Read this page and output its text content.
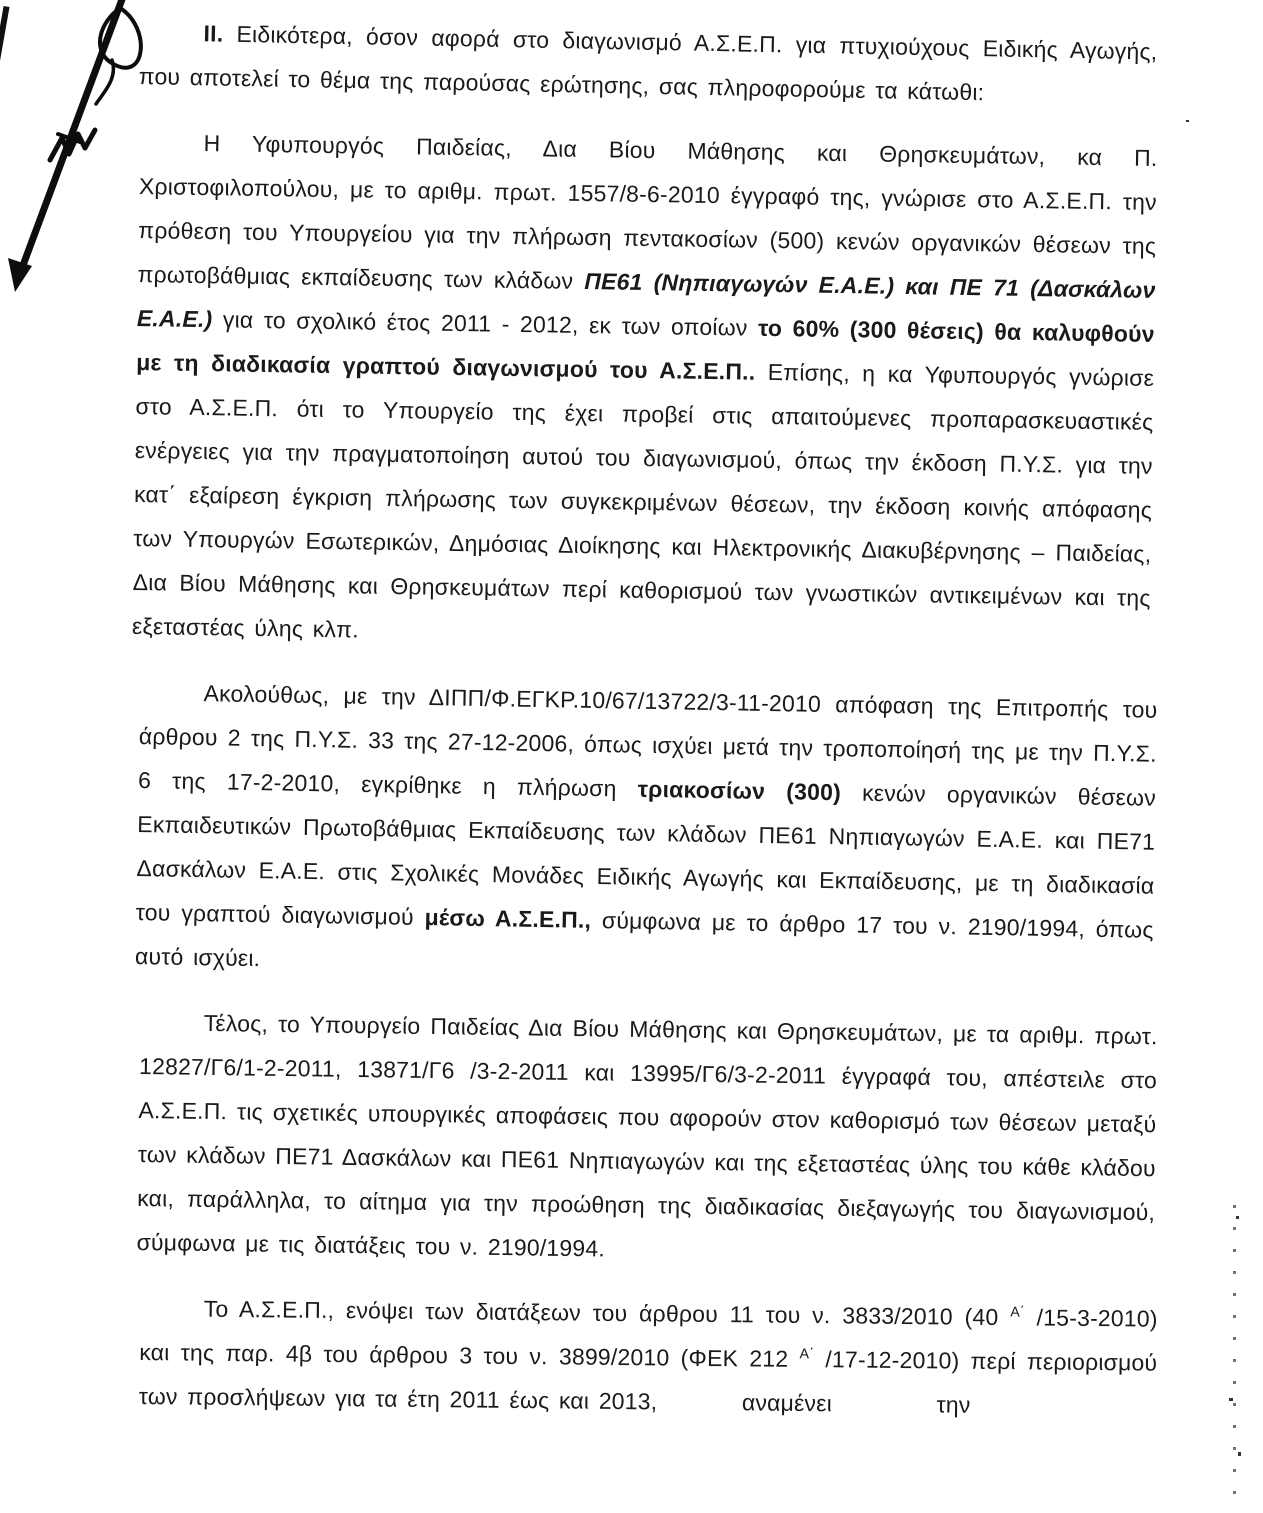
ΙΙ. Ειδικότερα, όσον αφορά στο διαγωνισμό Α.Σ.Ε.Π. για πτυχιούχους Ειδικής Αγωγής, που αποτελεί το θέμα της παρούσας ερώτησης, σας πληροφορούμε τα κάτωθι:

Η Υφυπουργός Παιδείας, Δια Βίου Μάθησης και Θρησκευμάτων, κα Π. Χριστοφιλοπούλου, με το αριθμ. πρωτ. 1557/8-6-2010 έγγραφό της, γνώρισε στο Α.Σ.Ε.Π. την πρόθεση του Υπουργείου για την πλήρωση πεντακοσίων (500) κενών οργανικών θέσεων της πρωτοβάθμιας εκπαίδευσης των κλάδων ΠΕ61 (Νηπιαγωγών Ε.Α.Ε.) και ΠΕ 71 (Δασκάλων Ε.Α.Ε.) για το σχολικό έτος 2011 - 2012, εκ των οποίων το 60% (300 θέσεις) θα καλυφθούν με τη διαδικασία γραπτού διαγωνισμού του Α.Σ.Ε.Π.. Επίσης, η κα Υφυπουργός γνώρισε στο Α.Σ.Ε.Π. ότι το Υπουργείο της έχει προβεί στις απαιτούμενες προπαρασκευαστικές ενέργειες για την πραγματοποίηση αυτού του διαγωνισμού, όπως την έκδοση Π.Υ.Σ. για την κατ΄ εξαίρεση έγκριση πλήρωσης των συγκεκριμένων θέσεων, την έκδοση κοινής απόφασης των Υπουργών Εσωτερικών, Δημόσιας Διοίκησης και Ηλεκτρονικής Διακυβέρνησης – Παιδείας, Δια Βίου Μάθησης και Θρησκευμάτων περί καθορισμού των γνωστικών αντικειμένων και της εξεταστέας ύλης κλπ.

Ακολούθως, με την ΔΙΠΠ/Φ.ΕΓΚΡ.10/67/13722/3-11-2010 απόφαση της Επιτροπής του άρθρου 2 της Π.Υ.Σ. 33 της 27-12-2006, όπως ισχύει μετά την τροποποίησή της με την Π.Υ.Σ. 6 της 17-2-2010, εγκρίθηκε η πλήρωση τριακοσίων (300) κενών οργανικών θέσεων Εκπαιδευτικών Πρωτοβάθμιας Εκπαίδευσης των κλάδων ΠΕ61 Νηπιαγωγών Ε.Α.Ε. και ΠΕ71 Δασκάλων Ε.Α.Ε. στις Σχολικές Μονάδες Ειδικής Αγωγής και Εκπαίδευσης, με τη διαδικασία του γραπτού διαγωνισμού μέσω Α.Σ.Ε.Π., σύμφωνα με το άρθρο 17 του ν. 2190/1994, όπως αυτό ισχύει.

Τέλος, το Υπουργείο Παιδείας Δια Βίου Μάθησης και Θρησκευμάτων, με τα αριθμ. πρωτ. 12827/Γ6/1-2-2011, 13871/Γ6 /3-2-2011 και 13995/Γ6/3-2-2011 έγγραφά του, απέστειλε στο Α.Σ.Ε.Π. τις σχετικές υπουργικές αποφάσεις που αφορούν στον καθορισμό των θέσεων μεταξύ των κλάδων ΠΕ71 Δασκάλων και ΠΕ61 Νηπιαγωγών και της εξεταστέας ύλης του κάθε κλάδου και, παράλληλα, το αίτημα για την προώθηση της διαδικασίας διεξαγωγής του διαγωνισμού, σύμφωνα με τις διατάξεις του ν. 2190/1994.

Το Α.Σ.Ε.Π., ενόψει των διατάξεων του άρθρου 11 του ν. 3833/2010 (40 $^{A΄}$ /15-3-2010) και της παρ. 4β του άρθρου 3 του ν. 3899/2010 (ΦΕΚ 212 $^{A΄}$ /17-12-2010) περί περιορισμού των προσλήψεων για τα έτη 2011 έως και 2013,	αναμένει	την
